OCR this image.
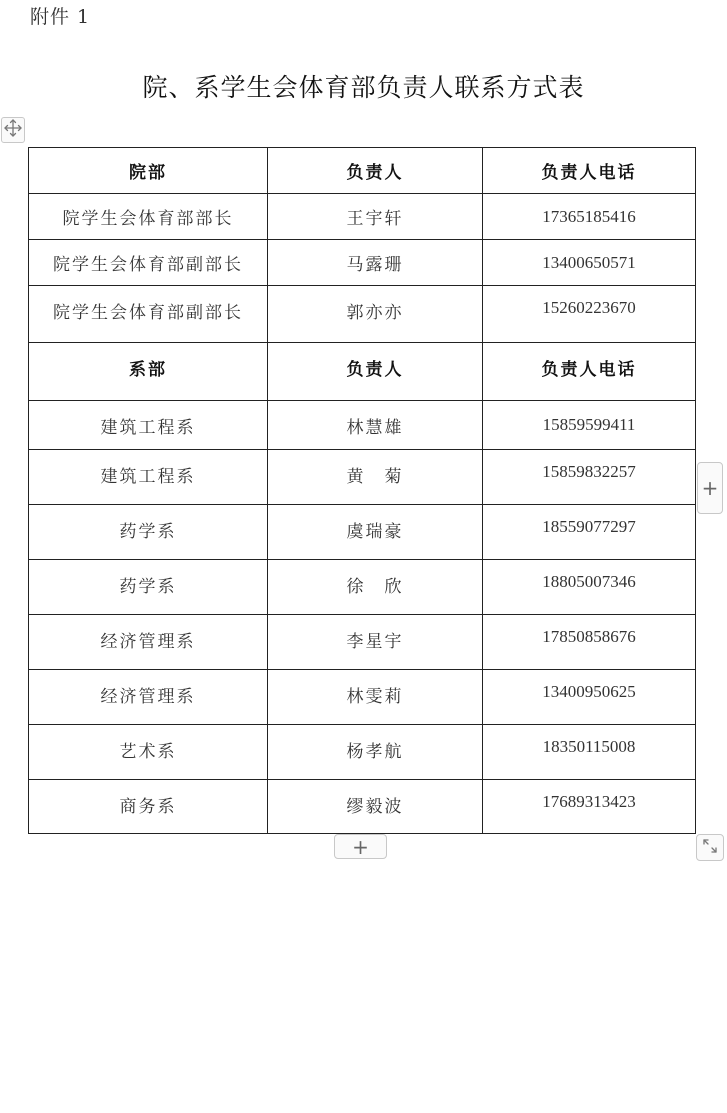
附件 1
院、系学生会体育部负责人联系方式表
院部	负责人	负责人电话
院学生会体育部部长	王宇轩	17365185416
院学生会体育部副部长	马露珊	13400650571
院学生会体育部副部长	郭亦亦	15260223670
系部	负责人	负责人电话
建筑工程系	林慧雄	15859599411
建筑工程系	黄　菊	15859832257
药学系	虞瑞豪	18559077297
药学系	徐　欣	18805007346
经济管理系	李星宇	17850858676
经济管理系	林雯莉	13400950625
艺术系	杨孝航	18350115008
商务系	缪毅波	17689313423
+
+
